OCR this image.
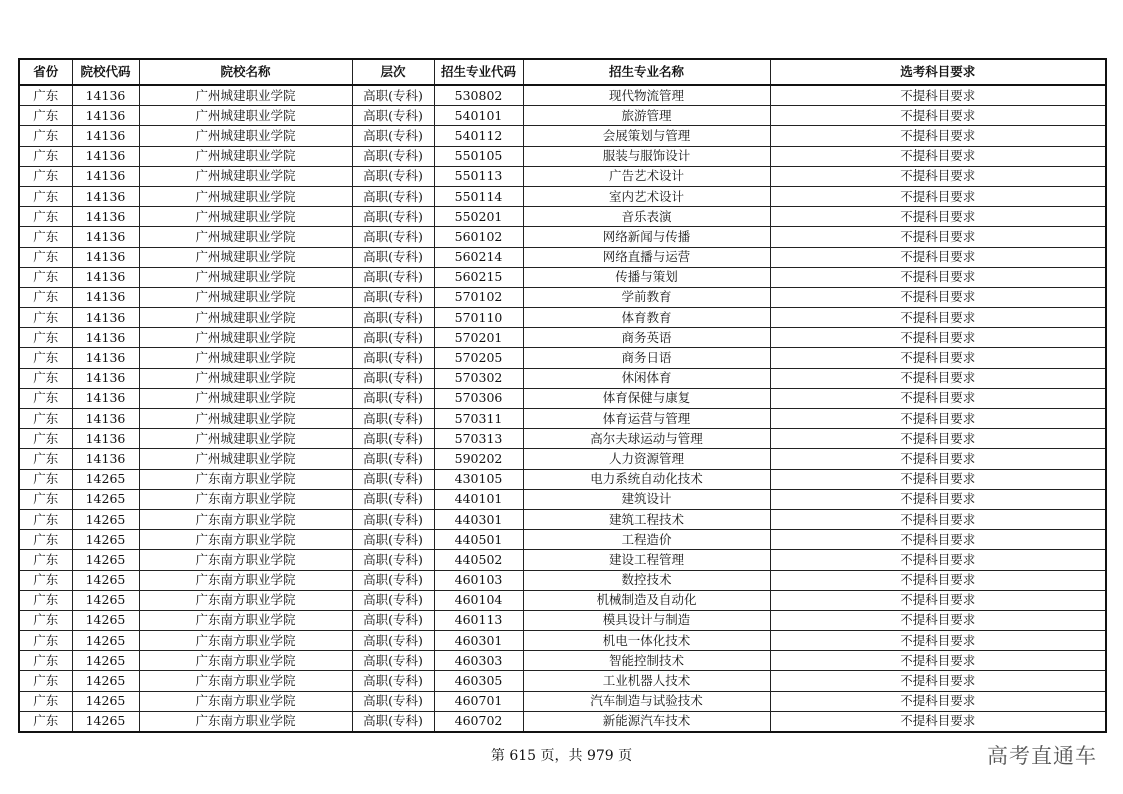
省份	院校代码	院校名称	层次	招生专业代码	招生专业名称	选考科目要求
广东	14136	广州城建职业学院	高职(专科)	530802	现代物流管理	不提科目要求
广东	14136	广州城建职业学院	高职(专科)	540101	旅游管理	不提科目要求
广东	14136	广州城建职业学院	高职(专科)	540112	会展策划与管理	不提科目要求
广东	14136	广州城建职业学院	高职(专科)	550105	服装与服饰设计	不提科目要求
广东	14136	广州城建职业学院	高职(专科)	550113	广告艺术设计	不提科目要求
广东	14136	广州城建职业学院	高职(专科)	550114	室内艺术设计	不提科目要求
广东	14136	广州城建职业学院	高职(专科)	550201	音乐表演	不提科目要求
广东	14136	广州城建职业学院	高职(专科)	560102	网络新闻与传播	不提科目要求
广东	14136	广州城建职业学院	高职(专科)	560214	网络直播与运营	不提科目要求
广东	14136	广州城建职业学院	高职(专科)	560215	传播与策划	不提科目要求
广东	14136	广州城建职业学院	高职(专科)	570102	学前教育	不提科目要求
广东	14136	广州城建职业学院	高职(专科)	570110	体育教育	不提科目要求
广东	14136	广州城建职业学院	高职(专科)	570201	商务英语	不提科目要求
广东	14136	广州城建职业学院	高职(专科)	570205	商务日语	不提科目要求
广东	14136	广州城建职业学院	高职(专科)	570302	休闲体育	不提科目要求
广东	14136	广州城建职业学院	高职(专科)	570306	体育保健与康复	不提科目要求
广东	14136	广州城建职业学院	高职(专科)	570311	体育运营与管理	不提科目要求
广东	14136	广州城建职业学院	高职(专科)	570313	高尔夫球运动与管理	不提科目要求
广东	14136	广州城建职业学院	高职(专科)	590202	人力资源管理	不提科目要求
广东	14265	广东南方职业学院	高职(专科)	430105	电力系统自动化技术	不提科目要求
广东	14265	广东南方职业学院	高职(专科)	440101	建筑设计	不提科目要求
广东	14265	广东南方职业学院	高职(专科)	440301	建筑工程技术	不提科目要求
广东	14265	广东南方职业学院	高职(专科)	440501	工程造价	不提科目要求
广东	14265	广东南方职业学院	高职(专科)	440502	建设工程管理	不提科目要求
广东	14265	广东南方职业学院	高职(专科)	460103	数控技术	不提科目要求
广东	14265	广东南方职业学院	高职(专科)	460104	机械制造及自动化	不提科目要求
广东	14265	广东南方职业学院	高职(专科)	460113	模具设计与制造	不提科目要求
广东	14265	广东南方职业学院	高职(专科)	460301	机电一体化技术	不提科目要求
广东	14265	广东南方职业学院	高职(专科)	460303	智能控制技术	不提科目要求
广东	14265	广东南方职业学院	高职(专科)	460305	工业机器人技术	不提科目要求
广东	14265	广东南方职业学院	高职(专科)	460701	汽车制造与试验技术	不提科目要求
广东	14265	广东南方职业学院	高职(专科)	460702	新能源汽车技术	不提科目要求
第 615 页，共 979 页	高考直通车
